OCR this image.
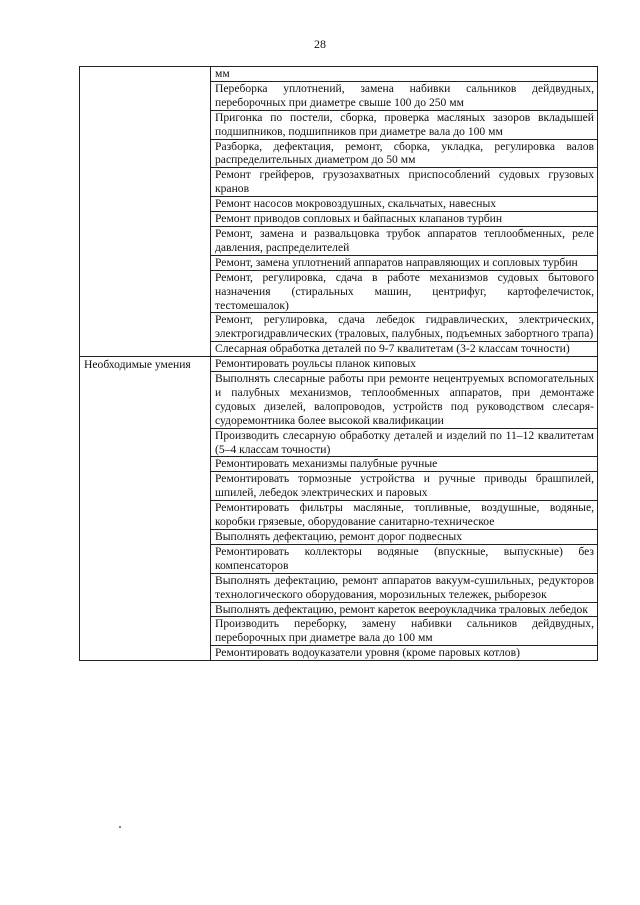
28

	мм

	Переборка уплотнений, замена набивки сальников дейдвудных, переборочных при диаметре свыше 100 до 250 мм

	Пригонка по постели, сборка, проверка масляных зазоров вкладышей подшипников, подшипников при диаметре вала до 100 мм

	Разборка, дефектация, ремонт, сборка, укладка, регулировка валов распределительных диаметром до 50 мм

	Ремонт грейферов, грузозахватных приспособлений судовых грузовых кранов

	Ремонт насосов мокровоздушных, скальчатых, навесных

	Ремонт приводов сопловых и байпасных клапанов турбин

	Ремонт, замена и развальцовка трубок аппаратов теплообменных, реле давления, распределителей

	Ремонт, замена уплотнений аппаратов направляющих и сопловых турбин

	Ремонт, регулировка, сдача в работе механизмов судовых бытового назначения (стиральных машин, центрифуг, картофелечисток, тестомешалок)

	Ремонт, регулировка, сдача лебедок гидравлических, электрических, электрогидравлических (траловых, палубных, подъемных забортного трапа)

	Слесарная обработка деталей по 9-7 квалитетам (3-2 классам точности)

Необходимые умения	Ремонтировать роульсы планок киповых

	Выполнять слесарные работы при ремонте нецентруемых вспомогательных и палубных механизмов, теплообменных аппаратов, при демонтаже судовых дизелей, валопроводов, устройств под руководством слесаря-судоремонтника более высокой квалификации

	Производить слесарную обработку деталей и изделий по 11–12 квалитетам (5–4 классам точности)

	Ремонтировать механизмы палубные ручные

	Ремонтировать тормозные устройства и ручные приводы брашпилей, шпилей, лебедок электрических и паровых

	Ремонтировать фильтры масляные, топливные, воздушные, водяные, коробки грязевые, оборудование санитарно-техническое

	Выполнять дефектацию, ремонт дорог подвесных

	Ремонтировать коллекторы водяные (впускные, выпускные) без компенсаторов

	Выполнять дефектацию, ремонт аппаратов вакуум-сушильных, редукторов технологического оборудования, морозильных тележек, рыборезок

	Выполнять дефектацию, ремонт кареток веероукладчика траловых лебедок

	Производить переборку, замену набивки сальников дейдвудных, переборочных при диаметре вала до 100 мм

	Ремонтировать водоуказатели уровня (кроме паровых котлов)
